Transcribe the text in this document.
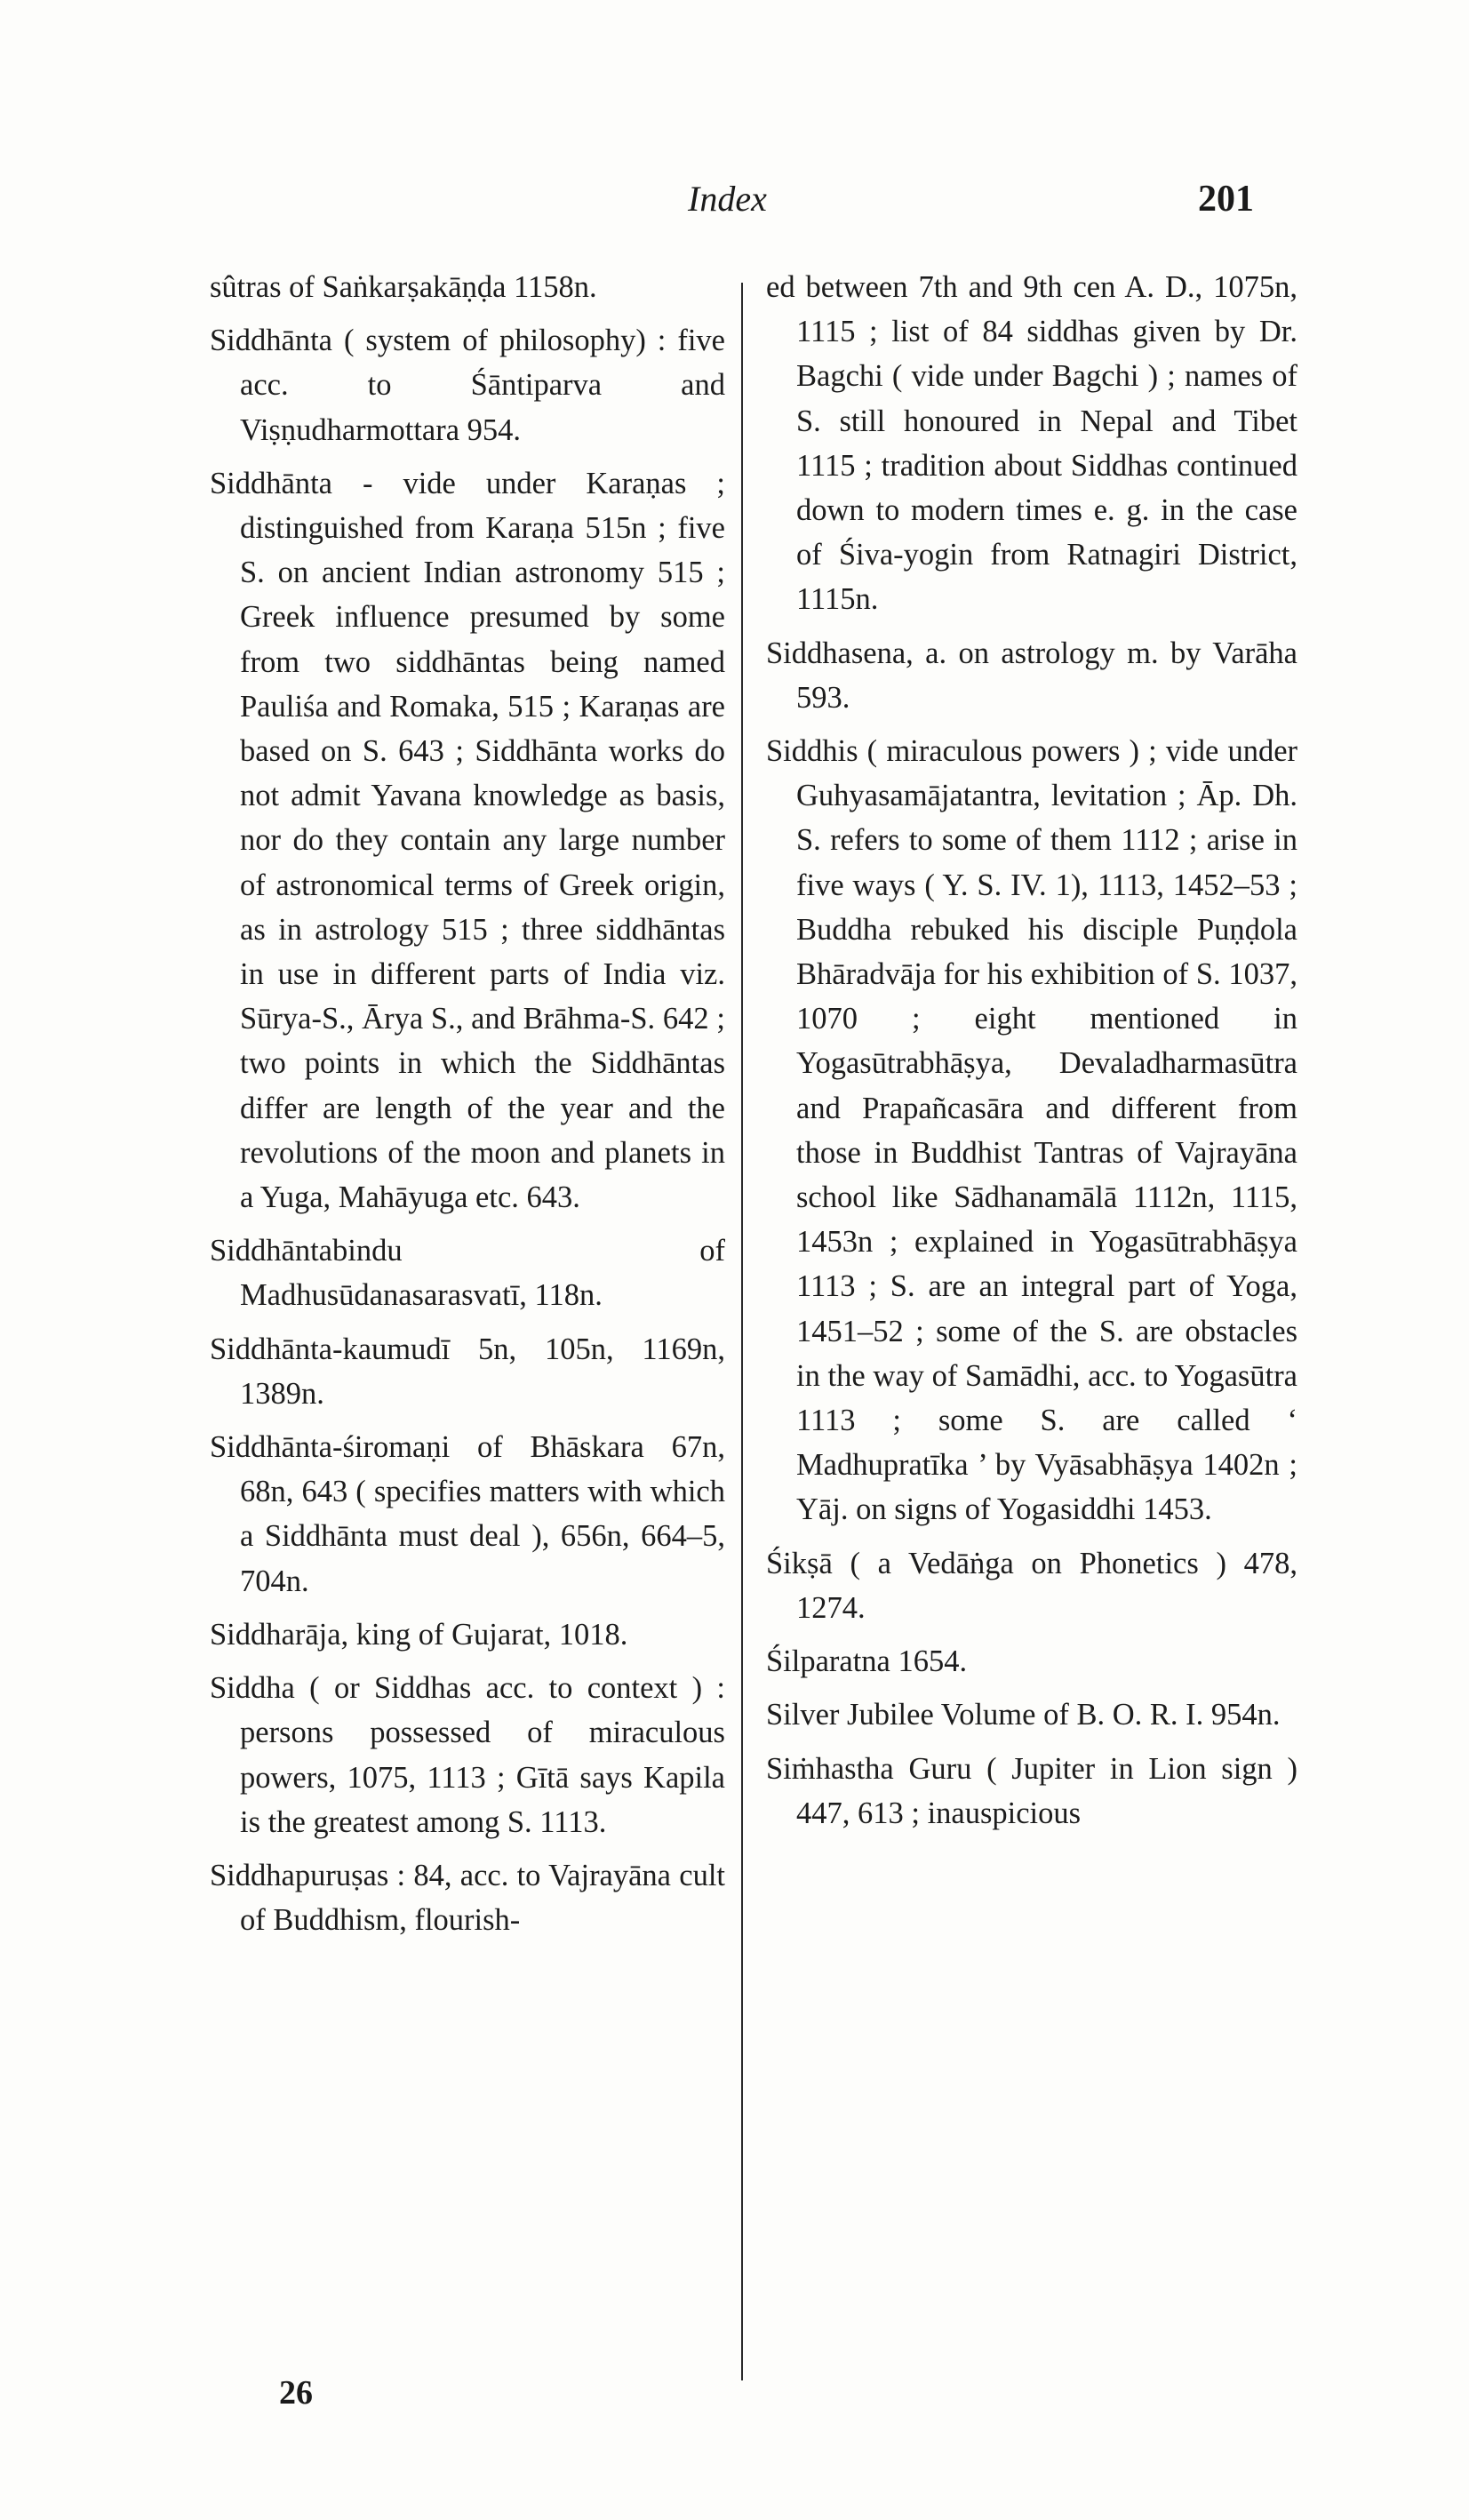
Index	201

sûtras of Saṅkarṣakāṇḍa 1158n.

Siddhānta ( system of philosophy) : five acc. to Śāntiparva and Viṣṇudharmottara 954.

Siddhānta - vide under Karaṇas ; distinguished from Karaṇa 515n ; five S. on ancient Indian astronomy 515 ; Greek influence presumed by some from two siddhāntas being named Pauliśa and Romaka, 515 ; Karaṇas are based on S. 643 ; Siddhānta works do not admit Yavana knowledge as basis, nor do they contain any large number of astronomical terms of Greek origin, as in astrology 515 ; three siddhāntas in use in different parts of India viz. Sūrya-S., Ārya S., and Brāhma-S. 642 ; two points in which the Siddhāntas differ are length of the year and the revolutions of the moon and planets in a Yuga, Mahāyuga etc. 643.

Siddhāntabindu of Madhusūdanasarasvatī, 118n.

Siddhānta-kaumudī 5n, 105n, 1169n, 1389n.

Siddhānta-śiromaṇi of Bhāskara 67n, 68n, 643 ( specifies matters with which a Siddhānta must deal ), 656n, 664–5, 704n.

Siddharāja, king of Gujarat, 1018.

Siddha ( or Siddhas acc. to context ) : persons possessed of miraculous powers, 1075, 1113 ; Gītā says Kapila is the greatest among S. 1113.

Siddhapuruṣas : 84, acc. to Vajrayāna cult of Buddhism, flourish-

ed between 7th and 9th cen A. D., 1075n, 1115 ; list of 84 siddhas given by Dr. Bagchi ( vide under Bagchi ) ; names of S. still honoured in Nepal and Tibet 1115 ; tradition about Siddhas continued down to modern times e. g. in the case of Śiva-yogin from Ratnagiri District, 1115n.

Siddhasena, a. on astrology m. by Varāha 593.

Siddhis ( miraculous powers ) ; vide under Guhyasamājatantra, levitation ; Āp. Dh. S. refers to some of them 1112 ; arise in five ways ( Y. S. IV. 1), 1113, 1452–53 ; Buddha rebuked his disciple Puṇḍola Bhāradvāja for his exhibition of S. 1037, 1070 ; eight mentioned in Yogasūtrabhāṣya, Devaladharmasūtra and Prapañcasāra and different from those in Buddhist Tantras of Vajrayāna school like Sādhanamālā 1112n, 1115, 1453n ; explained in Yogasūtrabhāṣya 1113 ; S. are an integral part of Yoga, 1451–52 ; some of the S. are obstacles in the way of Samādhi, acc. to Yogasūtra 1113 ; some S. are called ‘ Madhupratīka ’ by Vyāsabhāṣya 1402n ; Yāj. on signs of Yogasiddhi 1453.

Śikṣā ( a Vedāṅga on Phonetics ) 478, 1274.

Śilparatna 1654.

Silver Jubilee Volume of B. O. R. I. 954n.

Siṁhastha Guru ( Jupiter in Lion sign ) 447, 613 ; inauspicious

26
